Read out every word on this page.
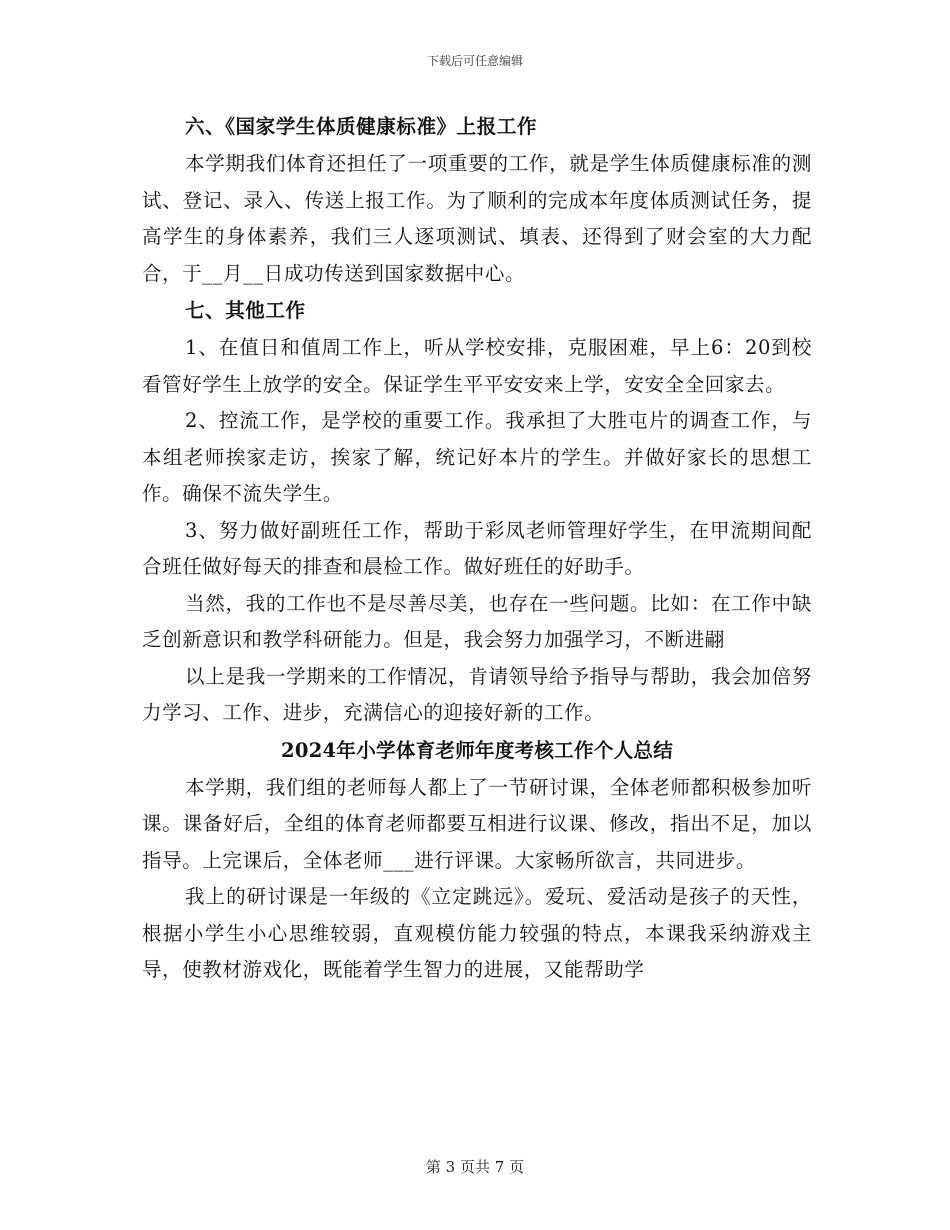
下载后可任意编辑

六、《国家学生体质健康标准》上报工作

本学期我们体育还担任了一项重要的工作，就是学生体质健康标准的测试、登记、录入、传送上报工作。为了顺利的完成本年度体质测试任务，提高学生的身体素养，我们三人逐项测试、填表、还得到了财会室的大力配合，于__月__日成功传送到国家数据中心。

七、其他工作

1、在值日和值周工作上，听从学校安排，克服困难，早上6：20到校看管好学生上放学的安全。保证学生平平安安来上学，安安全全回家去。

2、控流工作，是学校的重要工作。我承担了大胜屯片的调查工作，与本组老师挨家走访，挨家了解，统记好本片的学生。并做好家长的思想工作。确保不流失学生。

3、努力做好副班任工作，帮助于彩凤老师管理好学生，在甲流期间配合班任做好每天的排查和晨检工作。做好班任的好助手。

当然，我的工作也不是尽善尽美，也存在一些问题。比如：在工作中缺乏创新意识和教学科研能力。但是，我会努力加强学习，不断进翤

以上是我一学期来的工作情况，肯请领导给予指导与帮助，我会加倍努力学习、工作、进步，充满信心的迎接好新的工作。

2024年小学体育老师年度考核工作个人总结

本学期，我们组的老师每人都上了一节研讨课，全体老师都积极参加听课。课备好后，全组的体育老师都要互相进行议课、修改，指出不足，加以指导。上完课后，全体老师___进行评课。大家畅所欲言，共同进步。

我上的研讨课是一年级的《立定跳远》。爱玩、爱活动是孩子的天性，根据小学生小心思维较弱，直观模仿能力较强的特点，本课我采纳游戏主导，使教材游戏化，既能着学生智力的进展，又能帮助学

第 3 页共 7 页
